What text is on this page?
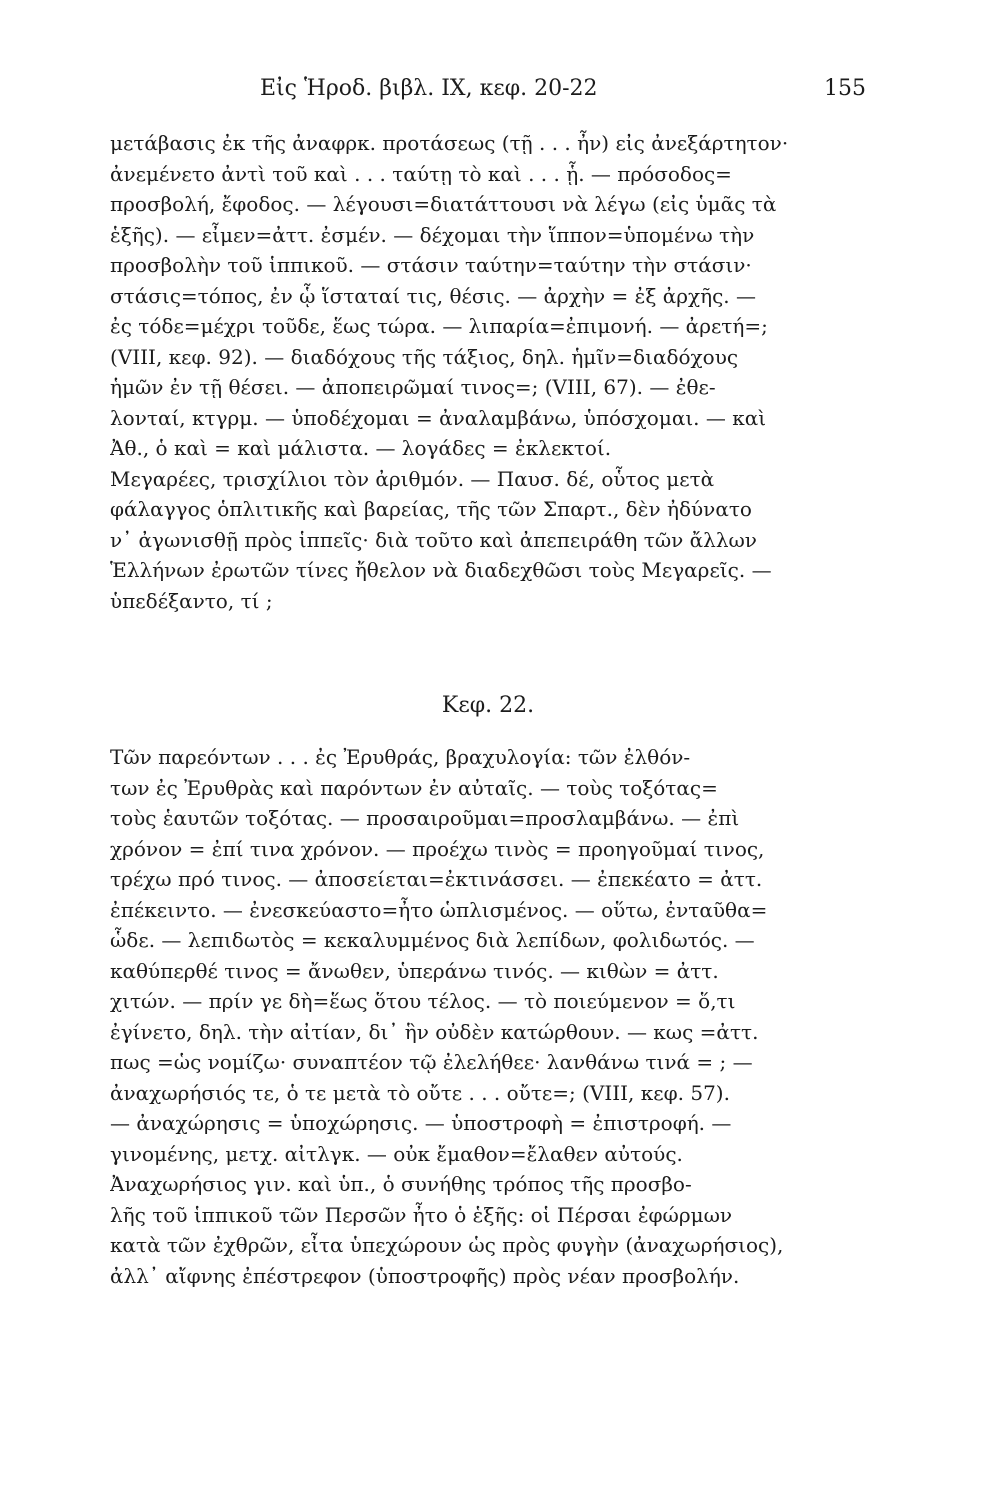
Εἰς Ἡροδ. βιβλ. IX, κεφ. 20-22	155
μετάβασις ἐκ τῆς ἀναφρκ. προτάσεως (τῇ . . . ἦν) εἰς ἀνεξάρτητον·
ἀνεμένετο ἀντὶ τοῦ καὶ . . . ταύτῃ τὸ καὶ . . . ᾗ. — πρόσοδος=
προσβολή, ἔφοδος. — λέγουσι=διατάττουσι νὰ λέγω (εἰς ὑμᾶς τὰ
ἑξῆς). — εἶμεν=ἀττ. ἐσμέν. — δέχομαι τὴν ἵππον=ὑπομένω τὴν
προσβολὴν τοῦ ἱππικοῦ. — στάσιν ταύτην=ταύτην τὴν στάσιν·
στάσις=τόπος, ἐν ᾧ ἵσταταί τις, θέσις. — ἀρχὴν = ἐξ ἀρχῆς. —
ἐς τόδε=μέχρι τοῦδε, ἕως τώρα. — λιπαρία=ἐπιμονή. — ἀρετή=;
(VIII, κεφ. 92). — διαδόχους τῆς τάξιος, δηλ. ἡμῖν=διαδόχους
ἡμῶν ἐν τῇ θέσει. — ἀποπειρῶμαί τινος=; (VIII, 67). — ἐθε-
λονταί, κτγρμ. — ὑποδέχομαι = ἀναλαμβάνω, ὑπόσχομαι. — καὶ
Ἀθ., ὁ καὶ = καὶ μάλιστα. — λογάδες = ἐκλεκτοί.
Μεγαρέες, τρισχίλιοι τὸν ἀριθμόν. — Παυσ. δέ, οὗτος μετὰ
φάλαγγος ὁπλιτικῆς καὶ βαρείας, τῆς τῶν Σπαρτ., δὲν ἠδύνατο
ν᾽ ἀγωνισθῇ πρὸς ἱππεῖς· διὰ τοῦτο καὶ ἀπεπειράθη τῶν ἄλλων
Ἑλλήνων ἐρωτῶν τίνες ἤθελον νὰ διαδεχθῶσι τοὺς Μεγαρεῖς. —
ὑπεδέξαντο, τί ;
Κεφ. 22.
Τῶν παρεόντων . . . ἐς Ἐρυθράς, βραχυλογία: τῶν ἐλθόν-
των ἐς Ἐρυθρὰς καὶ παρόντων ἐν αὐταῖς. — τοὺς τοξότας=
τοὺς ἑαυτῶν τοξότας. — προσαιροῦμαι=προσλαμβάνω. — ἐπὶ
χρόνον = ἐπί τινα χρόνον. — προέχω τινὸς = προηγοῦμαί τινος,
τρέχω πρό τινος. — ἀποσείεται=ἐκτινάσσει. — ἐπεκέατο = ἀττ.
ἐπέκειντο. — ἐνεσκεύαστο=ἦτο ὡπλισμένος. — οὕτω, ἐνταῦθα=
ὧδε. — λεπιδωτὸς = κεκαλυμμένος διὰ λεπίδων, φολιδωτός. —
καθύπερθέ τινος = ἄνωθεν, ὑπεράνω τινός. — κιθὼν = ἀττ.
χιτών. — πρίν γε δὴ=ἕως ὅτου τέλος. — τὸ ποιεύμενον = ὅ,τι
ἐγίνετο, δηλ. τὴν αἰτίαν, δι᾽ ἣν οὐδὲν κατώρθουν. — κως =ἀττ.
πως =ὡς νομίζω· συναπτέον τῷ ἐλελήθεε· λανθάνω τινά = ; —
ἀναχωρήσιός τε, ὁ τε μετὰ τὸ οὔτε . . . οὔτε=; (VIII, κεφ. 57).
— ἀναχώρησις = ὑποχώρησις. — ὑποστροφὴ = ἐπιστροφή. —
γινομένης, μετχ. αἰτλγκ. — οὐκ ἔμαθον=ἔλαθεν αὐτούς.
Ἀναχωρήσιος γιν. καὶ ὑπ., ὁ συνήθης τρόπος τῆς προσβο-
λῆς τοῦ ἱππικοῦ τῶν Περσῶν ἦτο ὁ ἑξῆς: οἱ Πέρσαι ἐφώρμων
κατὰ τῶν ἐχθρῶν, εἶτα ὑπεχώρουν ὡς πρὸς φυγὴν (ἀναχωρήσιος),
ἀλλ᾽ αἴφνης ἐπέστρεφον (ὑποστροφῆς) πρὸς νέαν προσβολήν.
